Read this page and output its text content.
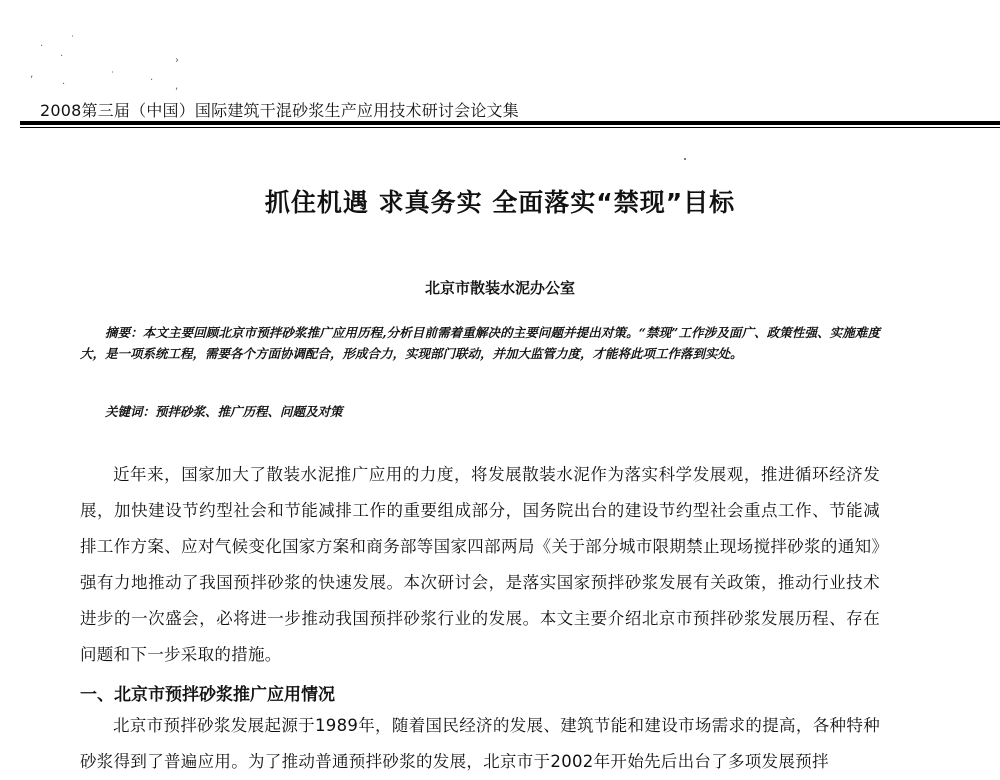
·
˙
·	›
‚
·
˙	·
,
2008第三届（中国）国际建筑干混砂浆生产应用技术研讨会论文集
抓住机遇 求真务实 全面落实“禁现”目标
北京市散装水泥办公室
摘要：本文主要回顾北京市预拌砂浆推广应用历程,分析目前需着重解决的主要问题并提出对策。“禁现”工作涉及面广、政策性强、实施难度大，是一项系统工程，需要各个方面协调配合，形成合力，实现部门联动，并加大监管力度，才能将此项工作落到实处。
关键词：预拌砂浆、推广历程、问题及对策
近年来，国家加大了散装水泥推广应用的力度，将发展散装水泥作为落实科学发展观，推进循环经济发展，加快建设节约型社会和节能减排工作的重要组成部分，国务院出台的建设节约型社会重点工作、节能减排工作方案、应对气候变化国家方案和商务部等国家四部两局《关于部分城市限期禁止现场搅拌砂浆的通知》强有力地推动了我国预拌砂浆的快速发展。本次研讨会，是落实国家预拌砂浆发展有关政策，推动行业技术进步的一次盛会，必将进一步推动我国预拌砂浆行业的发展。本文主要介绍北京市预拌砂浆发展历程、存在问题和下一步采取的措施。
一、北京市预拌砂浆推广应用情况
北京市预拌砂浆发展起源于1989年，随着国民经济的发展、建筑节能和建设市场需求的提高，各种特种砂浆得到了普遍应用。为了推动普通预拌砂浆的发展，北京市于2002年开始先后出台了多项发展预拌
